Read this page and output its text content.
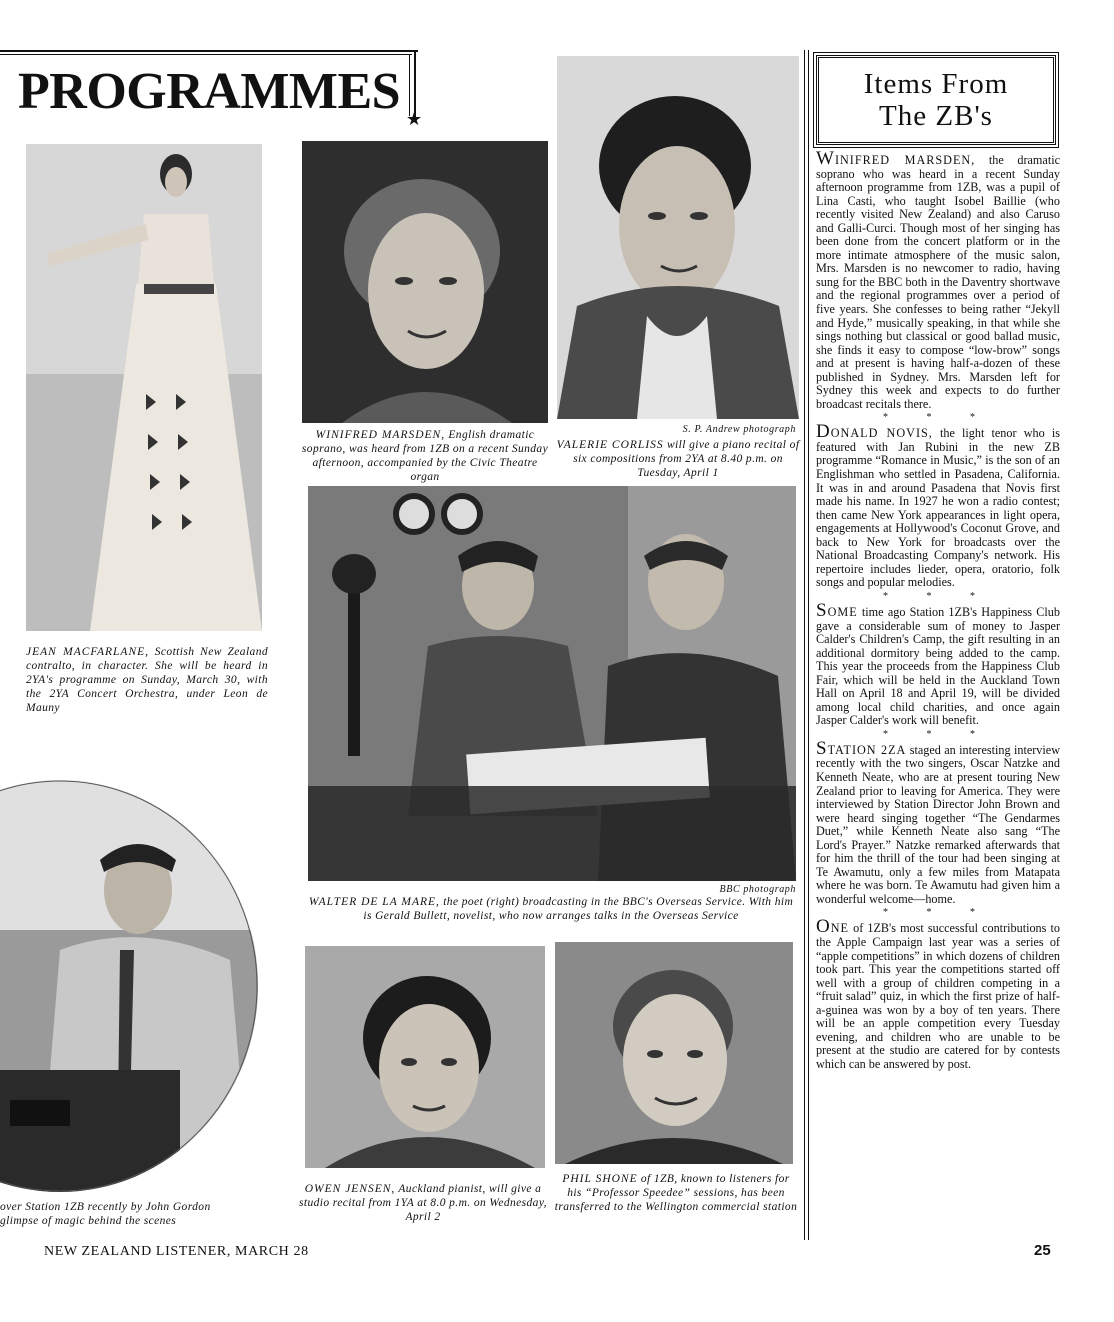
★
PROGRAMMES
JEAN MACFARLANE, Scottish New Zealand contralto, in character. She will be heard in 2YA's programme on Sunday, March 30, with the 2YA Concert Orchestra, under Leon de Mauny
WINIFRED MARSDEN, English dramatic soprano, was heard from 1ZB on a recent Sunday afternoon, accompanied by the Civic Theatre organ
S. P. Andrew photograph
VALERIE CORLISS will give a piano recital of six compositions from 2YA at 8.40 p.m. on Tuesday, April 1
BBC photograph
WALTER DE LA MARE, the poet (right) broadcasting in the BBC's Overseas Service. With him is Gerald Bullett, novelist, who now arranges talks in the Overseas Service
over Station 1ZB recently by John Gordon
glimpse of magic behind the scenes
OWEN JENSEN, Auckland pianist, will give a studio recital from 1YA at 8.0 p.m. on Wednesday, April 2
PHIL SHONE of 1ZB, known to listeners for his “Professor Speedee” sessions, has been transferred to the Wellington commercial station
Items From
The ZB's

WINIFRED MARSDEN, the dramatic soprano who was heard in a recent Sunday afternoon programme from 1ZB, was a pupil of Lina Casti, who taught Isobel Baillie (who recently visited New Zealand) and also Caruso and Galli-Curci. Though most of her singing has been done from the concert platform or in the more intimate atmosphere of the music salon, Mrs. Marsden is no newcomer to radio, having sung for the BBC both in the Daventry shortwave and the regional programmes over a period of five years. She confesses to being rather “Jekyll and Hyde,” musically speaking, in that while she sings nothing but classical or good ballad music, she finds it easy to compose “low-brow” songs and at present is having half-a-dozen of these published in Sydney. Mrs. Marsden left for Sydney this week and expects to do further broadcast recitals there.

* * *

DONALD NOVIS, the light tenor who is featured with Jan Rubini in the new ZB programme “Romance in Music,” is the son of an Englishman who settled in Pasadena, California. It was in and around Pasadena that Novis first made his name. In 1927 he won a radio contest; then came New York appearances in light opera, engagements at Hollywood's Coconut Grove, and back to New York for broadcasts over the National Broadcasting Company's network. His repertoire includes lieder, opera, oratorio, folk songs and popular melodies.

* * *

SOME time ago Station 1ZB's Happiness Club gave a considerable sum of money to Jasper Calder's Children's Camp, the gift resulting in an additional dormitory being added to the camp. This year the proceeds from the Happiness Club Fair, which will be held in the Auckland Town Hall on April 18 and April 19, will be divided among local child charities, and once again Jasper Calder's work will benefit.

* * *

STATION 2ZA staged an interesting interview recently with the two singers, Oscar Natzke and Kenneth Neate, who are at present touring New Zealand prior to leaving for America. They were interviewed by Station Director John Brown and were heard singing together “The Gendarmes Duet,” while Kenneth Neate also sang “The Lord's Prayer.” Natzke remarked afterwards that for him the thrill of the tour had been singing at Te Awamutu, only a few miles from Matapata where he was born. Te Awamutu had given him a wonderful welcome—home.

* * *

ONE of 1ZB's most successful contributions to the Apple Campaign last year was a series of “apple competitions” in which dozens of children took part. This year the competitions started off well with a group of children competing in a “fruit salad” quiz, in which the first prize of half-a-guinea was won by a boy of ten years. There will be an apple competition every Tuesday evening, and children who are unable to be present at the studio are catered for by contests which can be answered by post.

NEW ZEALAND LISTENER, MARCH 28	25
